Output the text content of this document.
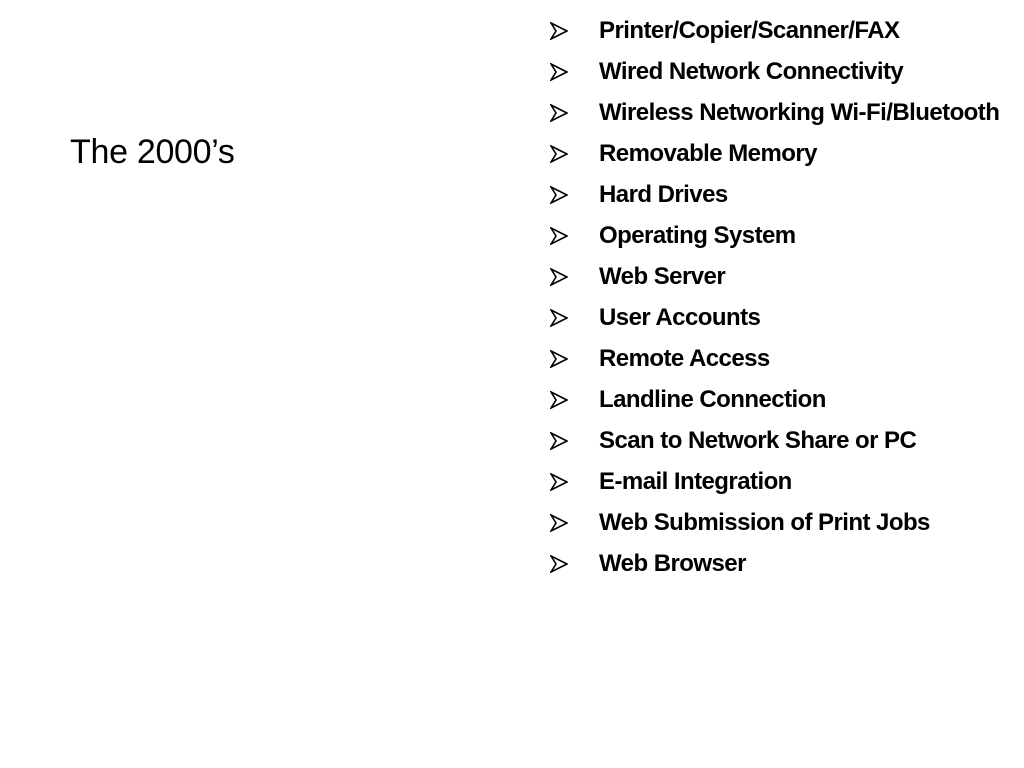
The 2000’s
Printer/Copier/Scanner/FAX
Wired Network Connectivity
Wireless Networking Wi-Fi/Bluetooth
Removable Memory
Hard Drives
Operating System
Web Server
User Accounts
Remote Access
Landline Connection
Scan to Network Share or PC
E-mail Integration
Web Submission of Print Jobs
Web Browser
